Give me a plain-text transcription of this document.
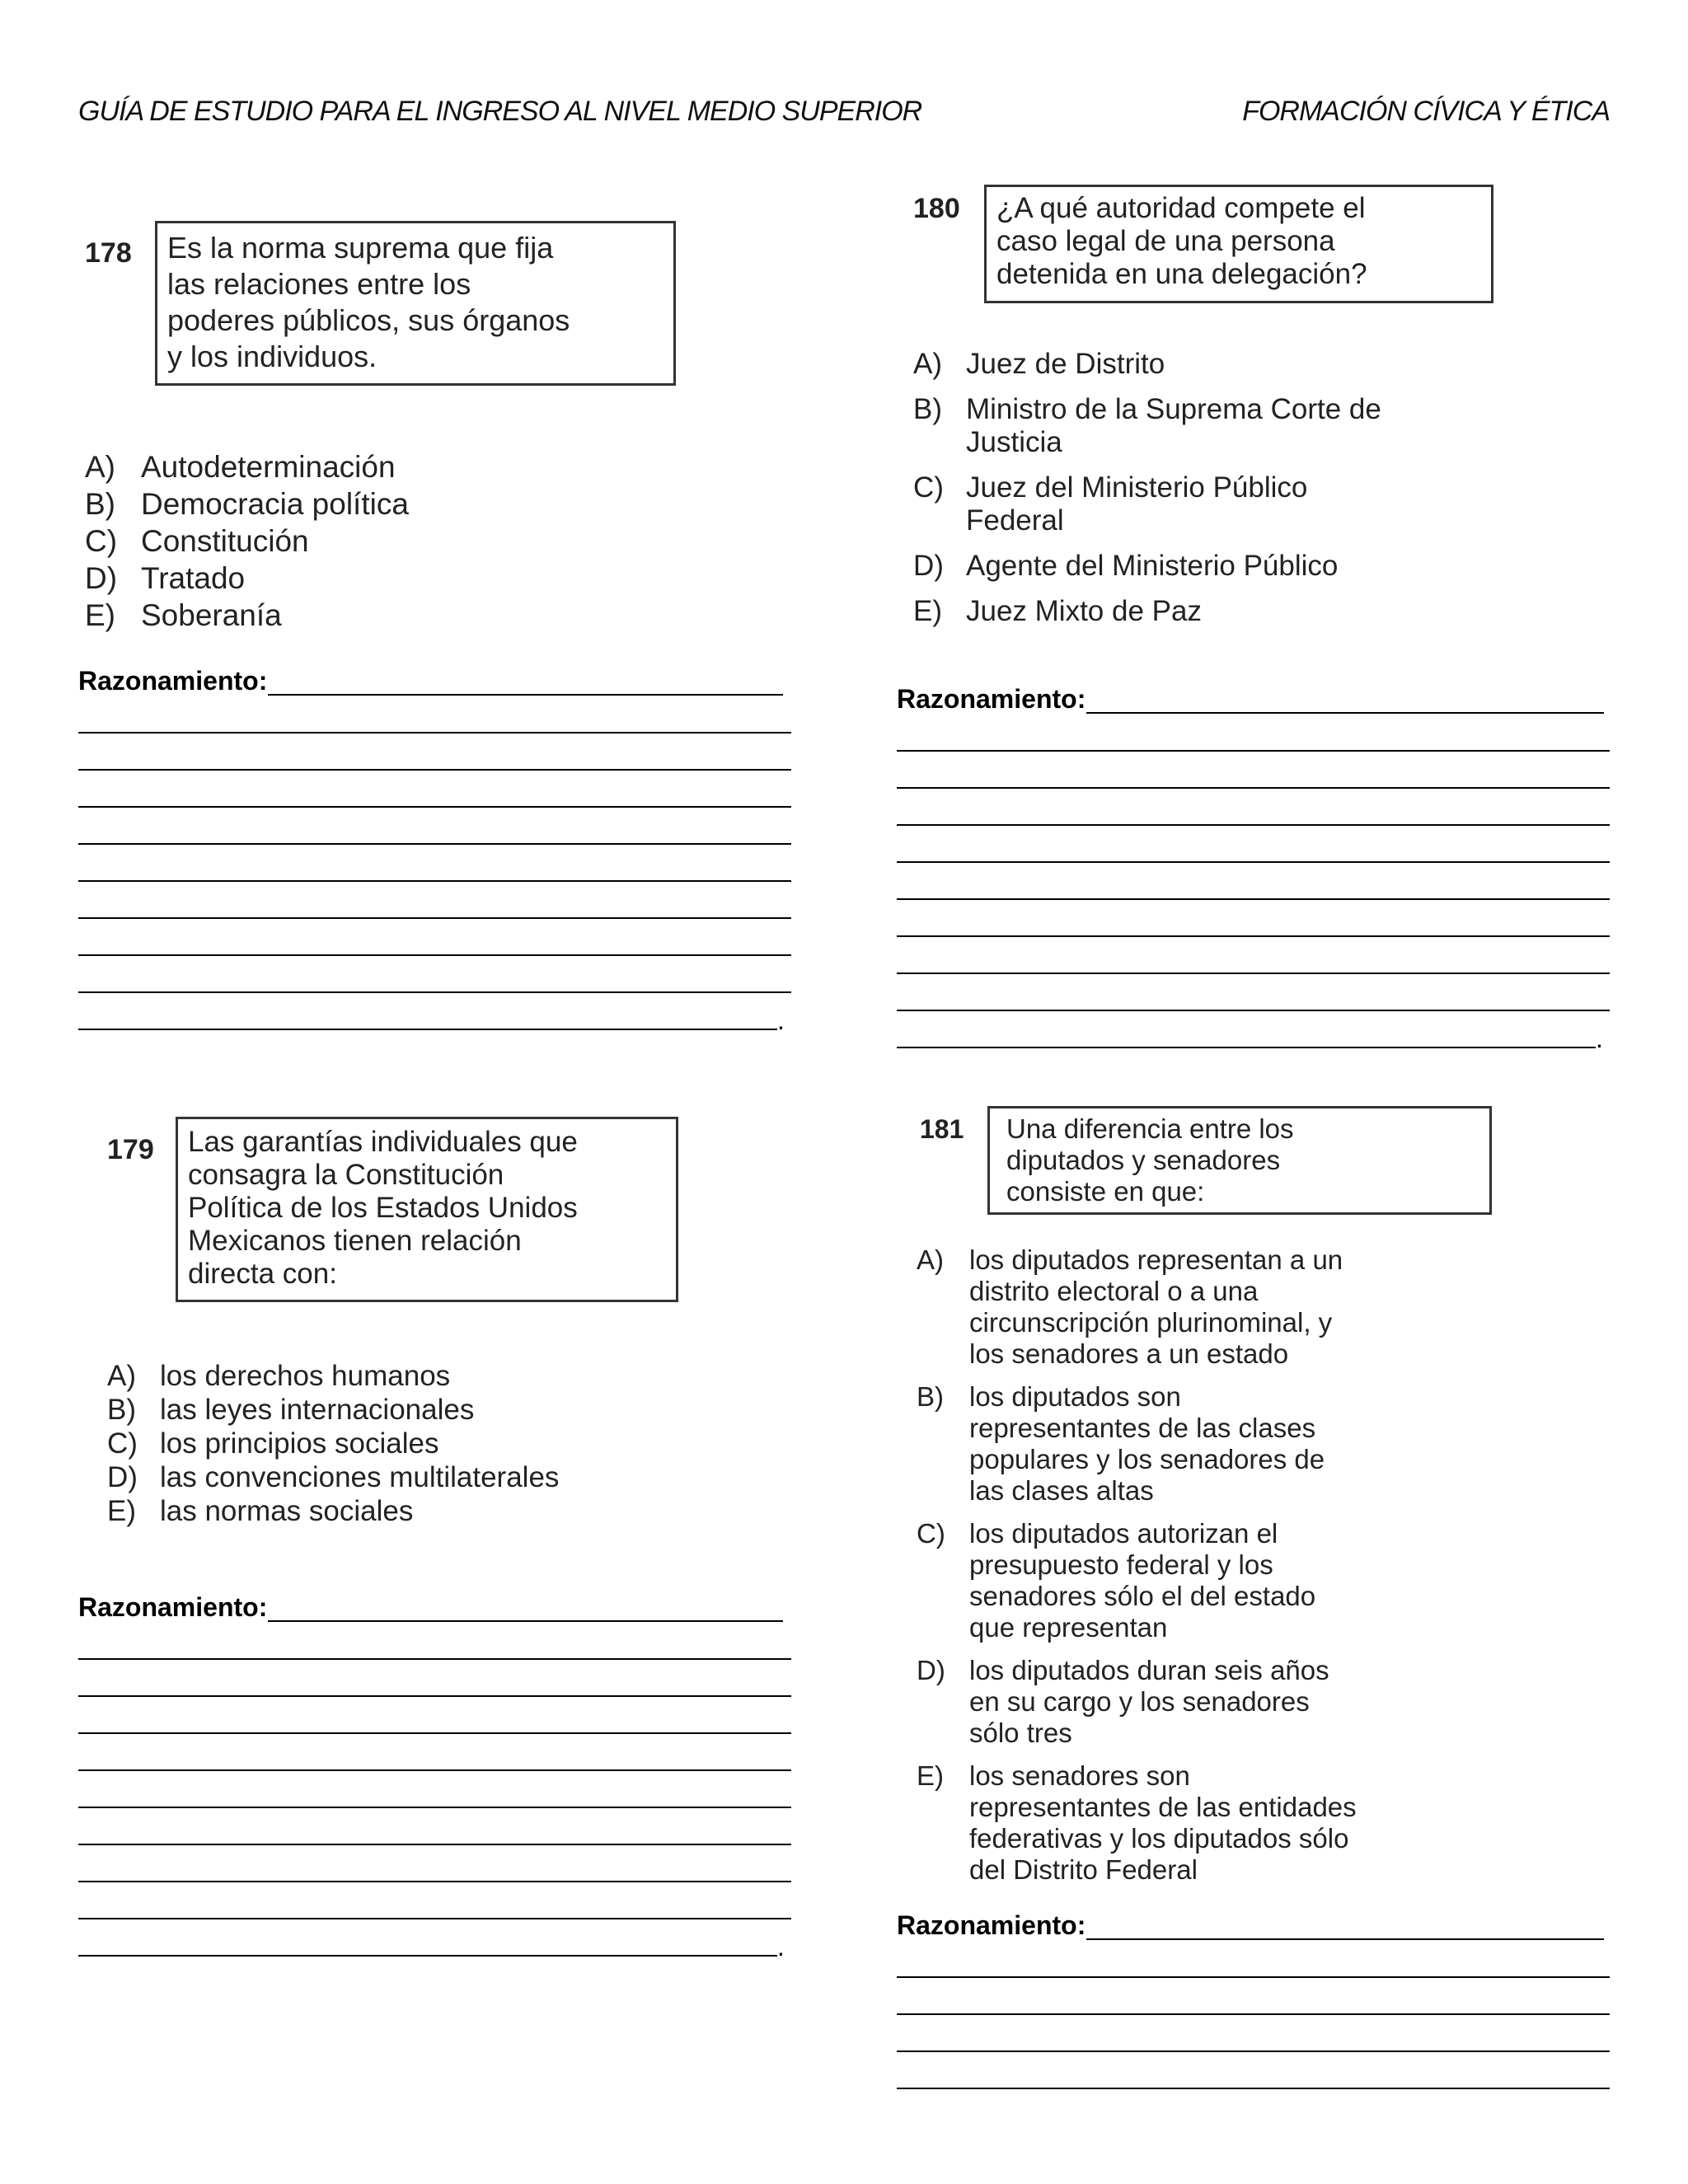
GUÍA DE ESTUDIO PARA EL INGRESO AL NIVEL MEDIO SUPERIOR	FORMACIÓN CÍVICA Y ÉTICA
178	Es la norma suprema que fija
las relaciones entre los
poderes públicos, sus órganos
y los individuos.
A) Autodeterminación
B) Democracia política
C) Constitución
D) Tratado
E) Soberanía
Razonamiento:
.
179	Las garantías individuales que
consagra la Constitución
Política de los Estados Unidos
Mexicanos tienen relación
directa con:
A) los derechos humanos
B) las leyes internacionales
C) los principios sociales
D) las convenciones multilaterales
E) las normas sociales
Razonamiento:
.
180	¿A qué autoridad compete el
caso legal de una persona
detenida en una delegación?
A) Juez de Distrito
B) Ministro de la Suprema Corte de
Justicia
C) Juez del Ministerio Público
Federal
D) Agente del Ministerio Público
E) Juez Mixto de Paz
Razonamiento:
.
181	Una diferencia entre los
diputados y senadores
consiste en que:
A) los diputados representan a un
distrito electoral o a una
circunscripción plurinominal, y
los senadores a un estado
B) los diputados son
representantes de las clases
populares y los senadores de
las clases altas
C) los diputados autorizan el
presupuesto federal y los
senadores sólo el del estado
que representan
D) los diputados duran seis años
en su cargo y los senadores
sólo tres
E) los senadores son
representantes de las entidades
federativas y los diputados sólo
del Distrito Federal
Razonamiento:
